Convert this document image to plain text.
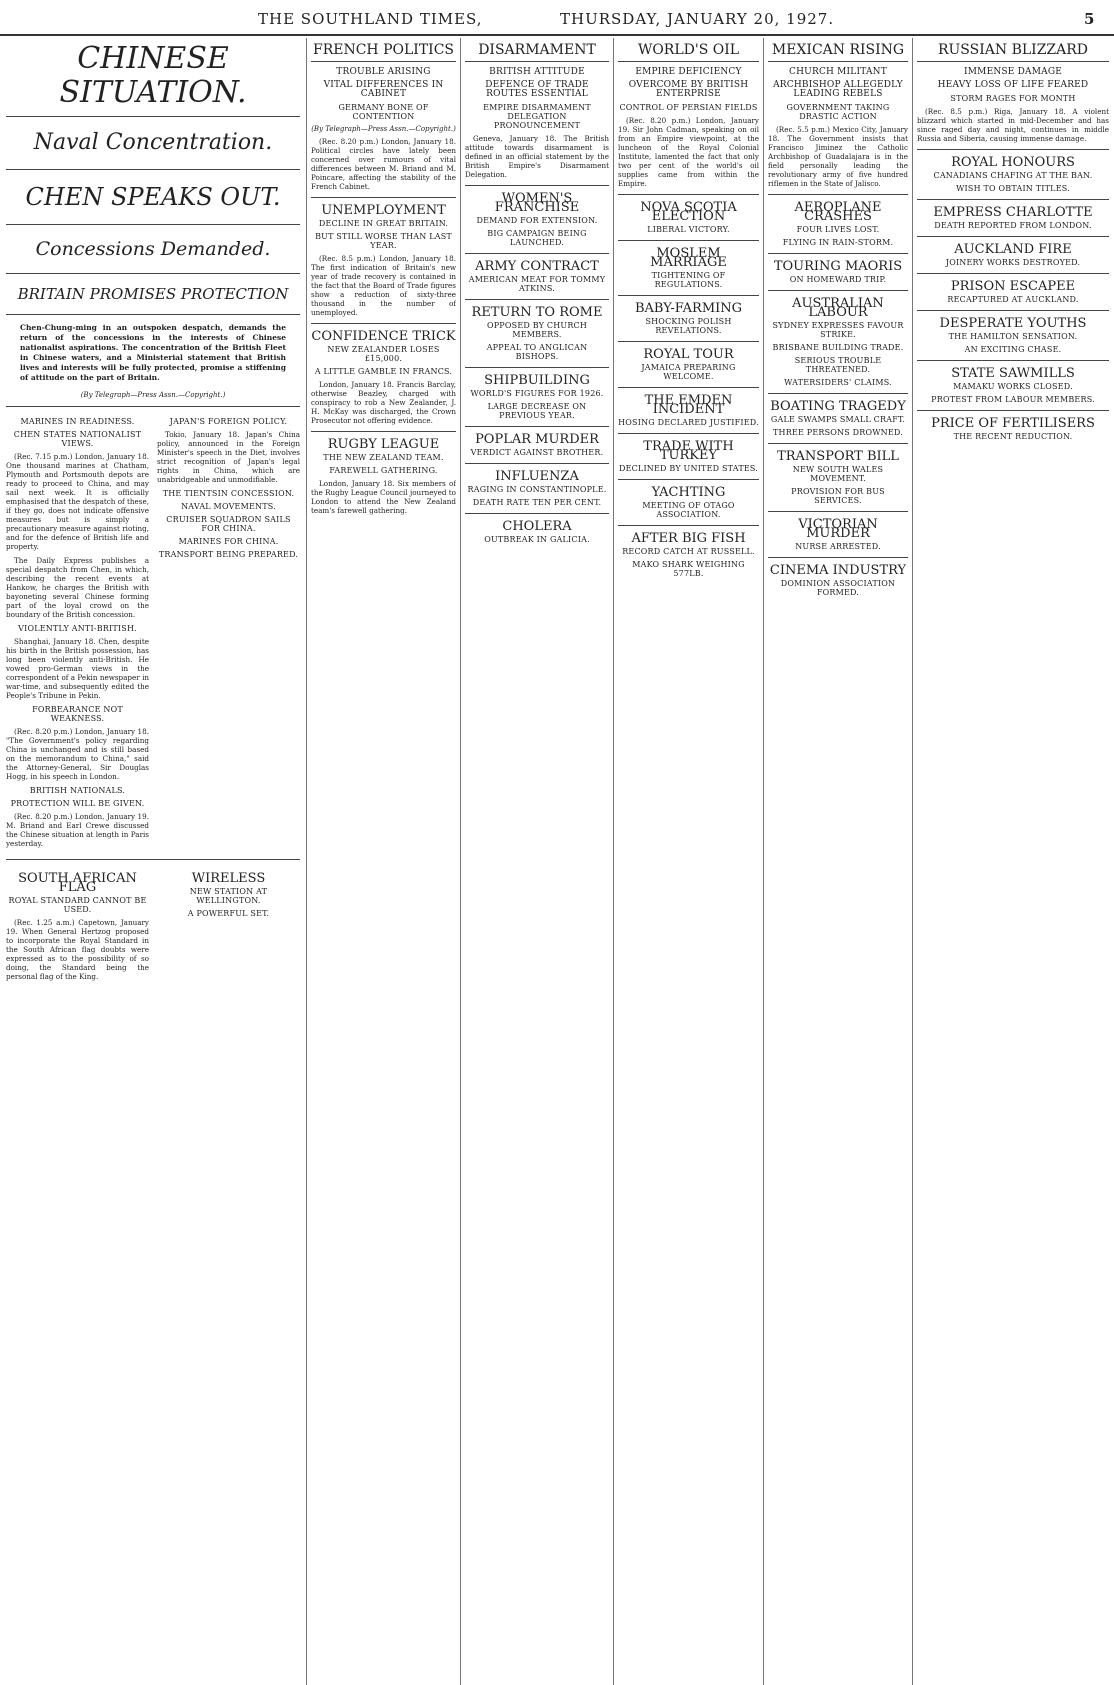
THE SOUTHLAND TIMES,	THURSDAY, JANUARY 20, 1927.	5

CHINESE SITUATION.

Naval Concentration.

CHEN SPEAKS OUT.

Concessions Demanded.

BRITAIN PROMISES PROTECTION

Chen-Chung-ming in an outspoken despatch, demands the return of the concessions in the interests of Chinese nationalist aspirations. The concentration of the British Fleet in Chinese waters, and a Ministerial statement that British lives and interests will be fully protected, promise a stiffening of attitude on the part of Britain.

(By Telegraph—Press Assn.—Copyright.)

MARINES IN READINESS.

CHEN STATES NATIONALIST VIEWS.

(Rec. 7.15 p.m.) London, January 18. One thousand marines at Chatham, Plymouth and Portsmouth depots are ready to proceed to China, and may sail next week. It is officially emphasised that the despatch of these, if they go, does not indicate offensive measures but is simply a precautionary measure against rioting, and for the defence of British life and property.

The Daily Express publishes a special despatch from Chen, in which, describing the recent events at Hankow, he charges the British with bayoneting several Chinese forming part of the loyal crowd on the boundary of the British concession.

VIOLENTLY ANTI-BRITISH.

Shanghai, January 18. Chen, despite his birth in the British possession, has long been violently anti-British. He vowed pro-German views in the correspondent of a Pekin newspaper in war-time, and subsequently edited the People's Tribune in Pekin.

FORBEARANCE NOT WEAKNESS.

(Rec. 8.20 p.m.) London, January 18. "The Government's policy regarding China is unchanged and is still based on the memorandum to China," said the Attorney-General, Sir Douglas Hogg, in his speech in London.

BRITISH NATIONALS.

PROTECTION WILL BE GIVEN.

(Rec. 8.20 p.m.) London, January 19. M. Briand and Earl Crewe discussed the Chinese situation at length in Paris yesterday.

JAPAN'S FOREIGN POLICY.

Tokio, January 18. Japan's China policy, announced in the Foreign Minister's speech in the Diet, involves strict recognition of Japan's legal rights in China, which are unabridgeable and unmodifiable.

THE TIENTSIN CONCESSION.

NAVAL MOVEMENTS.

CRUISER SQUADRON SAILS FOR CHINA.

MARINES FOR CHINA.

TRANSPORT BEING PREPARED.

SOUTH AFRICAN FLAG

ROYAL STANDARD CANNOT BE USED.

(Rec. 1.25 a.m.) Capetown, January 19. When General Hertzog proposed to incorporate the Royal Standard in the South African flag doubts were expressed as to the possibility of so doing, the Standard being the personal flag of the King.

WIRELESS

NEW STATION AT WELLINGTON.

A POWERFUL SET.

FRENCH POLITICS

TROUBLE ARISING

VITAL DIFFERENCES IN CABINET

GERMANY BONE OF CONTENTION

(By Telegraph—Press Assn.—Copyright.)

(Rec. 8.20 p.m.) London, January 18. Political circles have lately been concerned over rumours of vital differences between M. Briand and M. Poincare, affecting the stability of the French Cabinet.

UNEMPLOYMENT

DECLINE IN GREAT BRITAIN.

BUT STILL WORSE THAN LAST YEAR.

(Rec. 8.5 p.m.) London, January 18. The first indication of Britain's new year of trade recovery is contained in the fact that the Board of Trade figures show a reduction of sixty-three thousand in the number of unemployed.

CONFIDENCE TRICK

NEW ZEALANDER LOSES £15,000.

A LITTLE GAMBLE IN FRANCS.

London, January 18. Francis Barclay, otherwise Beazley, charged with conspiracy to rob a New Zealander, J. H. McKay was discharged, the Crown Prosecutor not offering evidence.

RUGBY LEAGUE

THE NEW ZEALAND TEAM.

FAREWELL GATHERING.

London, January 18. Six members of the Rugby League Council journeyed to London to attend the New Zealand team's farewell gathering.

DISARMAMENT

BRITISH ATTITUDE

DEFENCE OF TRADE ROUTES ESSENTIAL

EMPIRE DISARMAMENT DELEGATION PRONOUNCEMENT

Geneva, January 18. The British attitude towards disarmament is defined in an official statement by the British Empire's Disarmament Delegation.

WOMEN'S FRANCHISE

DEMAND FOR EXTENSION.

BIG CAMPAIGN BEING LAUNCHED.

ARMY CONTRACT

AMERICAN MEAT FOR TOMMY ATKINS.

RETURN TO ROME

OPPOSED BY CHURCH MEMBERS.

APPEAL TO ANGLICAN BISHOPS.

SHIPBUILDING

WORLD'S FIGURES FOR 1926.

LARGE DECREASE ON PREVIOUS YEAR.

POPLAR MURDER

VERDICT AGAINST BROTHER.

INFLUENZA

RAGING IN CONSTANTINOPLE.

DEATH RATE TEN PER CENT.

CHOLERA

OUTBREAK IN GALICIA.

WORLD'S OIL

EMPIRE DEFICIENCY

OVERCOME BY BRITISH ENTERPRISE

CONTROL OF PERSIAN FIELDS

(Rec. 8.20 p.m.) London, January 19. Sir John Cadman, speaking on oil from an Empire viewpoint, at the luncheon of the Royal Colonial Institute, lamented the fact that only two per cent of the world's oil supplies came from within the Empire.

NOVA SCOTIA ELECTION

LIBERAL VICTORY.

MOSLEM MARRIAGE

TIGHTENING OF REGULATIONS.

BABY-FARMING

SHOCKING POLISH REVELATIONS.

ROYAL TOUR

JAMAICA PREPARING WELCOME.

THE EMDEN INCIDENT

HOSING DECLARED JUSTIFIED.

TRADE WITH TURKEY

DECLINED BY UNITED STATES.

YACHTING

MEETING OF OTAGO ASSOCIATION.

AFTER BIG FISH

RECORD CATCH AT RUSSELL.

MAKO SHARK WEIGHING 577LB.

MEXICAN RISING

CHURCH MILITANT

ARCHBISHOP ALLEGEDLY LEADING REBELS

GOVERNMENT TAKING DRASTIC ACTION

(Rec. 5.5 p.m.) Mexico City, January 18. The Government insists that Francisco Jiminez the Catholic Archbishop of Guadalajara is in the field personally leading the revolutionary army of five hundred riflemen in the State of Jalisco.

AEROPLANE CRASHES

FOUR LIVES LOST.

FLYING IN RAIN-STORM.

TOURING MAORIS

ON HOMEWARD TRIP.

AUSTRALIAN LABOUR

SYDNEY EXPRESSES FAVOUR STRIKE.

BRISBANE BUILDING TRADE.

SERIOUS TROUBLE THREATENED.

WATERSIDERS' CLAIMS.

BOATING TRAGEDY

GALE SWAMPS SMALL CRAFT.

THREE PERSONS DROWNED.

TRANSPORT BILL

NEW SOUTH WALES MOVEMENT.

PROVISION FOR BUS SERVICES.

VICTORIAN MURDER

NURSE ARRESTED.

CINEMA INDUSTRY

DOMINION ASSOCIATION FORMED.

RUSSIAN BLIZZARD

IMMENSE DAMAGE

HEAVY LOSS OF LIFE FEARED

STORM RAGES FOR MONTH

(Rec. 8.5 p.m.) Riga, January 18. A violent blizzard which started in mid-December and has since raged day and night, continues in middle Russia and Siberia, causing immense damage.

ROYAL HONOURS

CANADIANS CHAFING AT THE BAN.

WISH TO OBTAIN TITLES.

EMPRESS CHARLOTTE

DEATH REPORTED FROM LONDON.

AUCKLAND FIRE

JOINERY WORKS DESTROYED.

PRISON ESCAPEE

RECAPTURED AT AUCKLAND.

DESPERATE YOUTHS

THE HAMILTON SENSATION.

AN EXCITING CHASE.

STATE SAWMILLS

MAMAKU WORKS CLOSED.

PROTEST FROM LABOUR MEMBERS.

PRICE OF FERTILISERS

THE RECENT REDUCTION.
